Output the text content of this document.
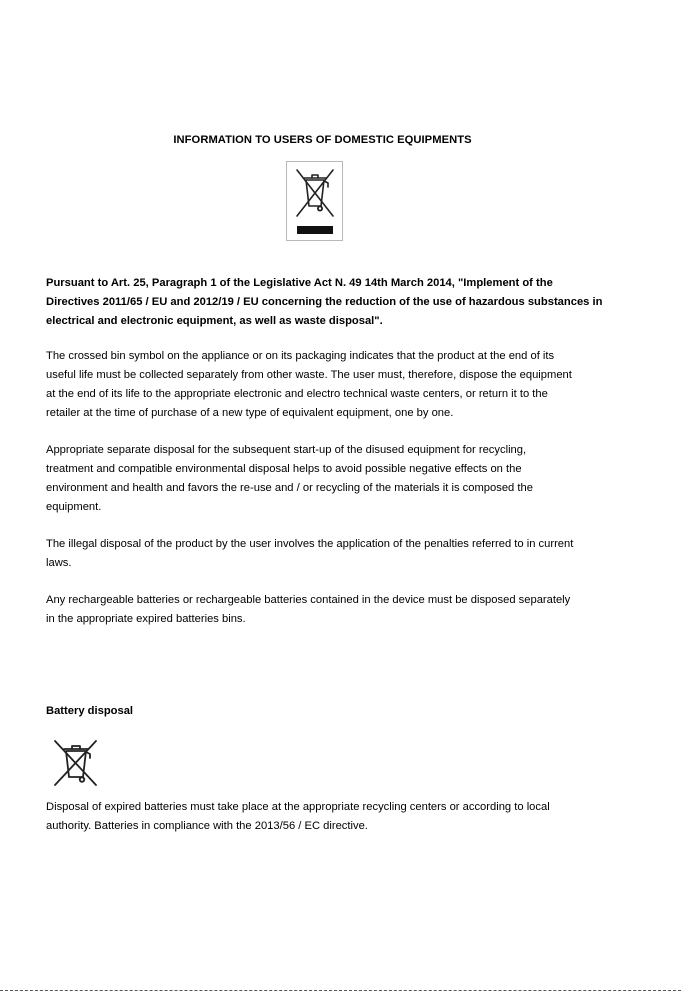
INFORMATION TO USERS OF DOMESTIC EQUIPMENTS

Pursuant to Art. 25, Paragraph 1 of the Legislative Act N. 49 14th March 2014, "Implement of the
Directives 2011/65 / EU and 2012/19 / EU concerning the reduction of the use of hazardous substances in
electrical and electronic equipment, as well as waste disposal".

The crossed bin symbol on the appliance or on its packaging indicates that the product at the end of its
useful life must be collected separately from other waste. The user must, therefore, dispose the equipment
at the end of its life to the appropriate electronic and electro technical waste centers, or return it to the
retailer at the time of purchase of a new type of equivalent equipment, one by one.

Appropriate separate disposal for the subsequent start-up of the disused equipment for recycling,
treatment and compatible environmental disposal helps to avoid possible negative effects on the
environment and health and favors the re-use and / or recycling of the materials it is composed the
equipment.

The illegal disposal of the product by the user involves the application of the penalties referred to in current
laws.

Any rechargeable batteries or rechargeable batteries contained in the device must be disposed separately
in the appropriate expired batteries bins.

Battery disposal

Disposal of expired batteries must take place at the appropriate recycling centers or according to local
authority. Batteries in compliance with the 2013/56 / EC directive.
